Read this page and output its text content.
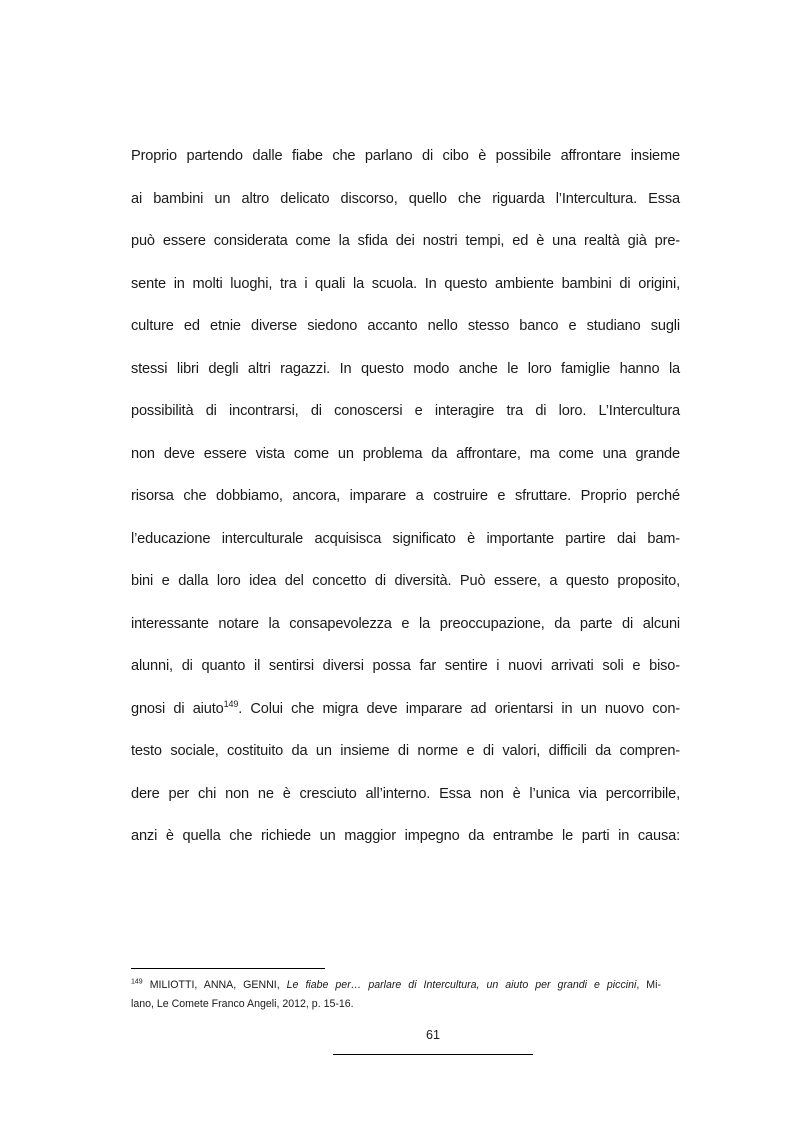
Proprio partendo dalle fiabe che parlano di cibo è possibile affrontare insieme
ai bambini un altro delicato discorso, quello che riguarda l’Intercultura. Essa
può essere considerata come la sfida dei nostri tempi, ed è una realtà già pre-
sente in molti luoghi, tra i quali la scuola. In questo ambiente bambini di origini,
culture ed etnie diverse siedono accanto nello stesso banco e studiano sugli
stessi libri degli altri ragazzi. In questo modo anche le loro famiglie hanno la
possibilità di incontrarsi, di conoscersi e interagire tra di loro. L’Intercultura
non deve essere vista come un problema da affrontare, ma come una grande
risorsa che dobbiamo, ancora, imparare a costruire e sfruttare. Proprio perché
l’educazione interculturale acquisisca significato è importante partire dai bam-
bini e dalla loro idea del concetto di diversità. Può essere, a questo proposito,
interessante notare la consapevolezza e la preoccupazione, da parte di alcuni
alunni, di quanto il sentirsi diversi possa far sentire i nuovi arrivati soli e biso-
gnosi di aiuto$^{149}$. Colui che migra deve imparare ad orientarsi in un nuovo con-
testo sociale, costituito da un insieme di norme e di valori, difficili da compren-
dere per chi non ne è cresciuto all’interno. Essa non è l’unica via percorribile,
anzi è quella che richiede un maggior impegno da entrambe le parti in causa:
$^{149}$ MILIOTTI, ANNA, GENNI, Le fiabe per… parlare di Intercultura, un aiuto per grandi e piccini, Mi-
lano, Le Comete Franco Angeli, 2012, p. 15-16.
61
